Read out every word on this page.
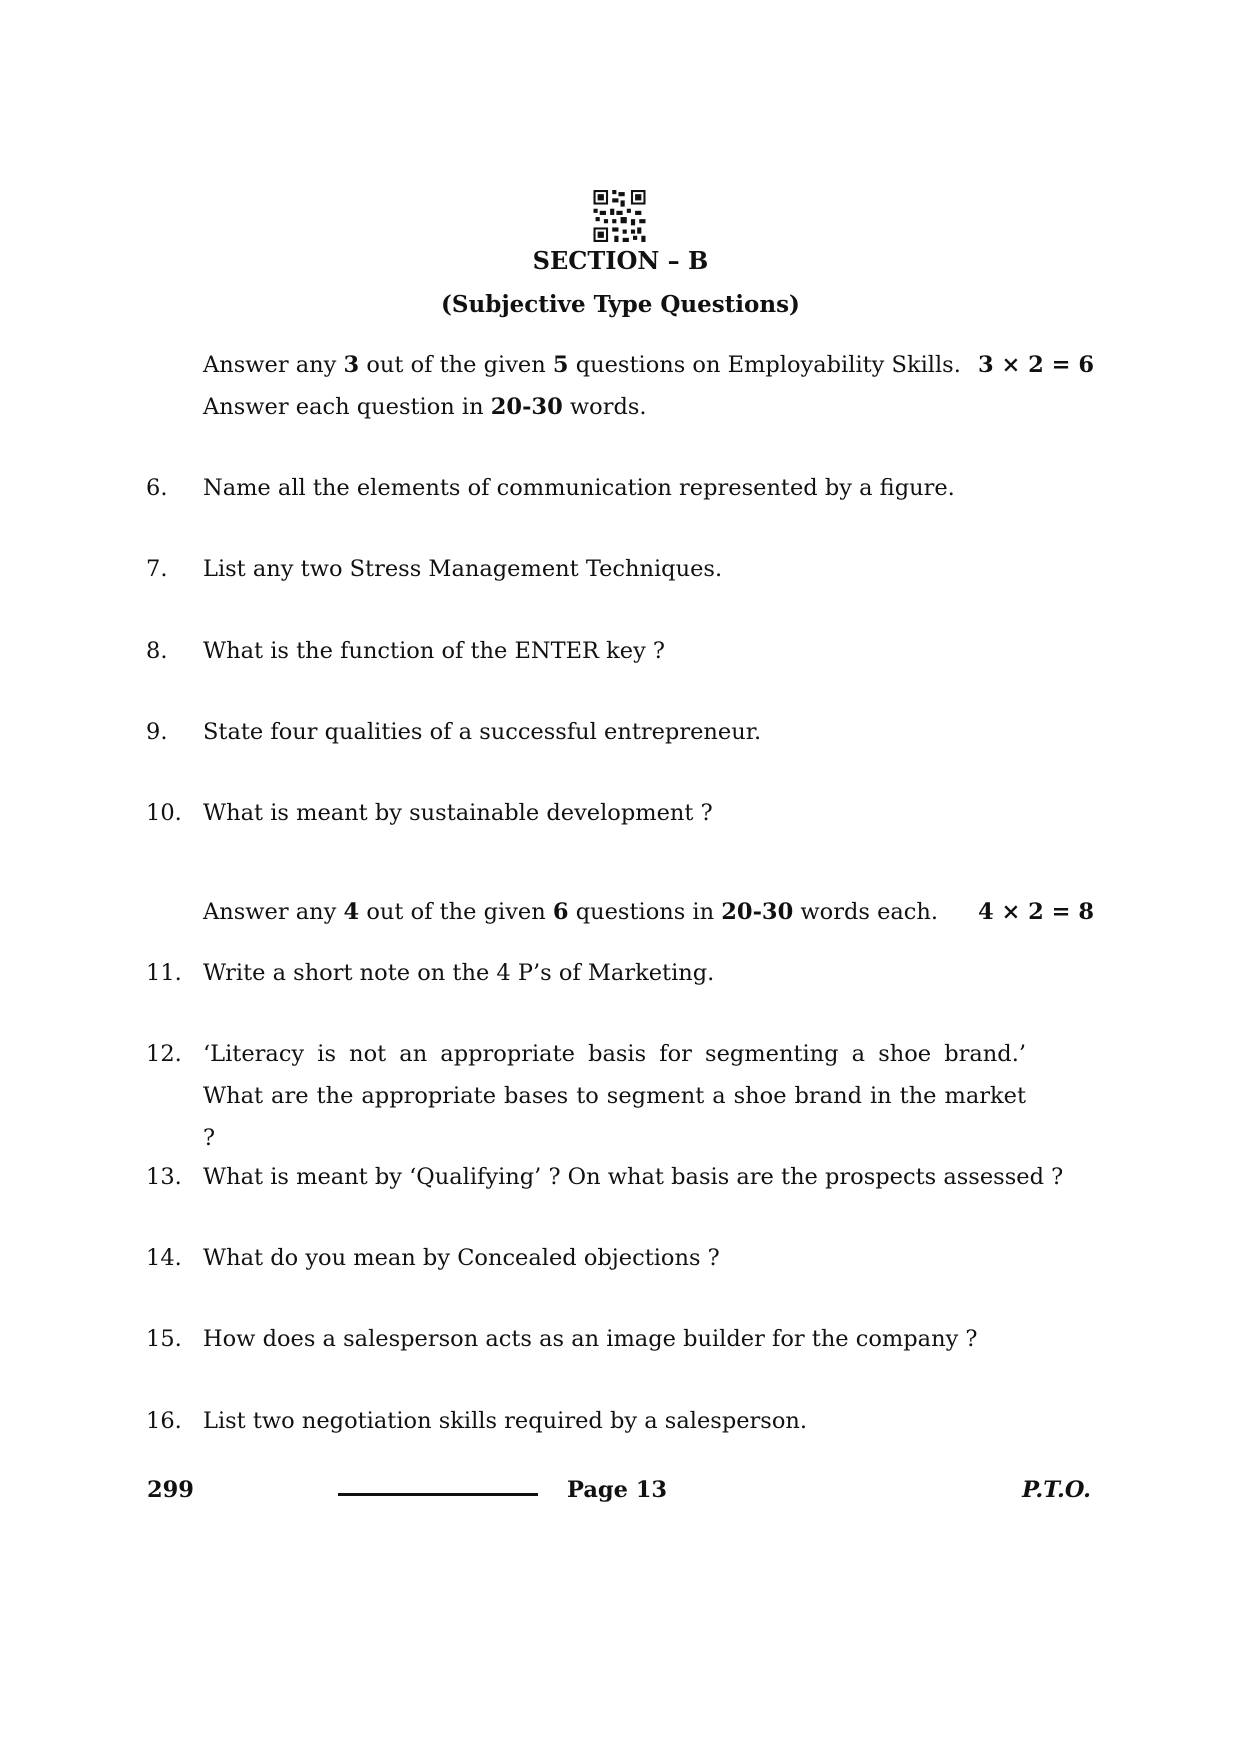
SECTION – B
(Subjective Type Questions)
Answer any 3 out of the given 5 questions on Employability Skills.
Answer each question in 20-30 words.
3 × 2 = 6
6. Name all the elements of communication represented by a figure.
7. List any two Stress Management Techniques.
8. What is the function of the ENTER key ?
9. State four qualities of a successful entrepreneur.
10. What is meant by sustainable development ?
Answer any 4 out of the given 6 questions in 20-30 words each.	4 × 2 = 8
11. Write a short note on the 4 P’s of Marketing.
12. ‘Literacy is not an appropriate basis for segmenting a shoe brand.’ What are the appropriate bases to segment a shoe brand in the market ?
13. What is meant by ‘Qualifying’ ? On what basis are the prospects assessed ?
14. What do you mean by Concealed objections ?
15. How does a salesperson acts as an image builder for the company ?
16. List two negotiation skills required by a salesperson.
299	Page 13	P.T.O.
